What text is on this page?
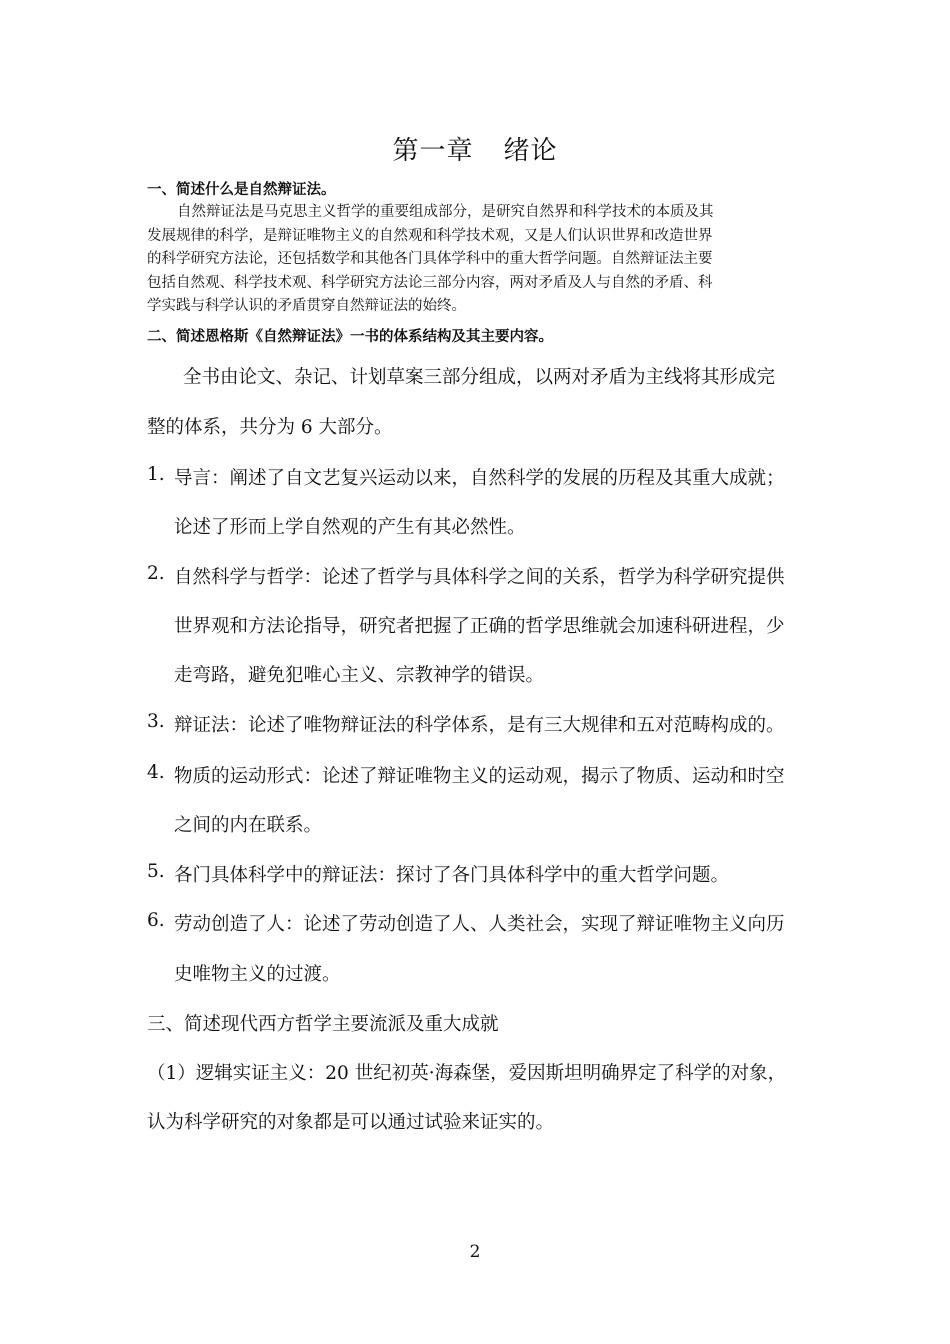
第一章 绪论
一、简述什么是自然辩证法。
自然辩证法是马克思主义哲学的重要组成部分，是研究自然界和科学技术的本质及其
发展规律的科学，是辩证唯物主义的自然观和科学技术观，又是人们认识世界和改造世界
的科学研究方法论，还包括数学和其他各门具体学科中的重大哲学问题。自然辩证法主要
包括自然观、科学技术观、科学研究方法论三部分内容，两对矛盾及人与自然的矛盾、科
学实践与科学认识的矛盾贯穿自然辩证法的始终。
二、简述恩格斯《自然辩证法》一书的体系结构及其主要内容。
全书由论文、杂记、计划草案三部分组成，以两对矛盾为主线将其形成完
整的体系，共分为 6 大部分。
1. 导言：阐述了自文艺复兴运动以来，自然科学的发展的历程及其重大成就；
论述了形而上学自然观的产生有其必然性。
2. 自然科学与哲学：论述了哲学与具体科学之间的关系，哲学为科学研究提供
世界观和方法论指导，研究者把握了正确的哲学思维就会加速科研进程，少
走弯路，避免犯唯心主义、宗教神学的错误。
3. 辩证法：论述了唯物辩证法的科学体系，是有三大规律和五对范畴构成的。
4. 物质的运动形式：论述了辩证唯物主义的运动观，揭示了物质、运动和时空
之间的内在联系。
5. 各门具体科学中的辩证法：探讨了各门具体科学中的重大哲学问题。
6. 劳动创造了人：论述了劳动创造了人、人类社会，实现了辩证唯物主义向历
史唯物主义的过渡。
三、简述现代西方哲学主要流派及重大成就
（1）逻辑实证主义：20 世纪初英·海森堡，爱因斯坦明确界定了科学的对象，
认为科学研究的对象都是可以通过试验来证实的。
2
